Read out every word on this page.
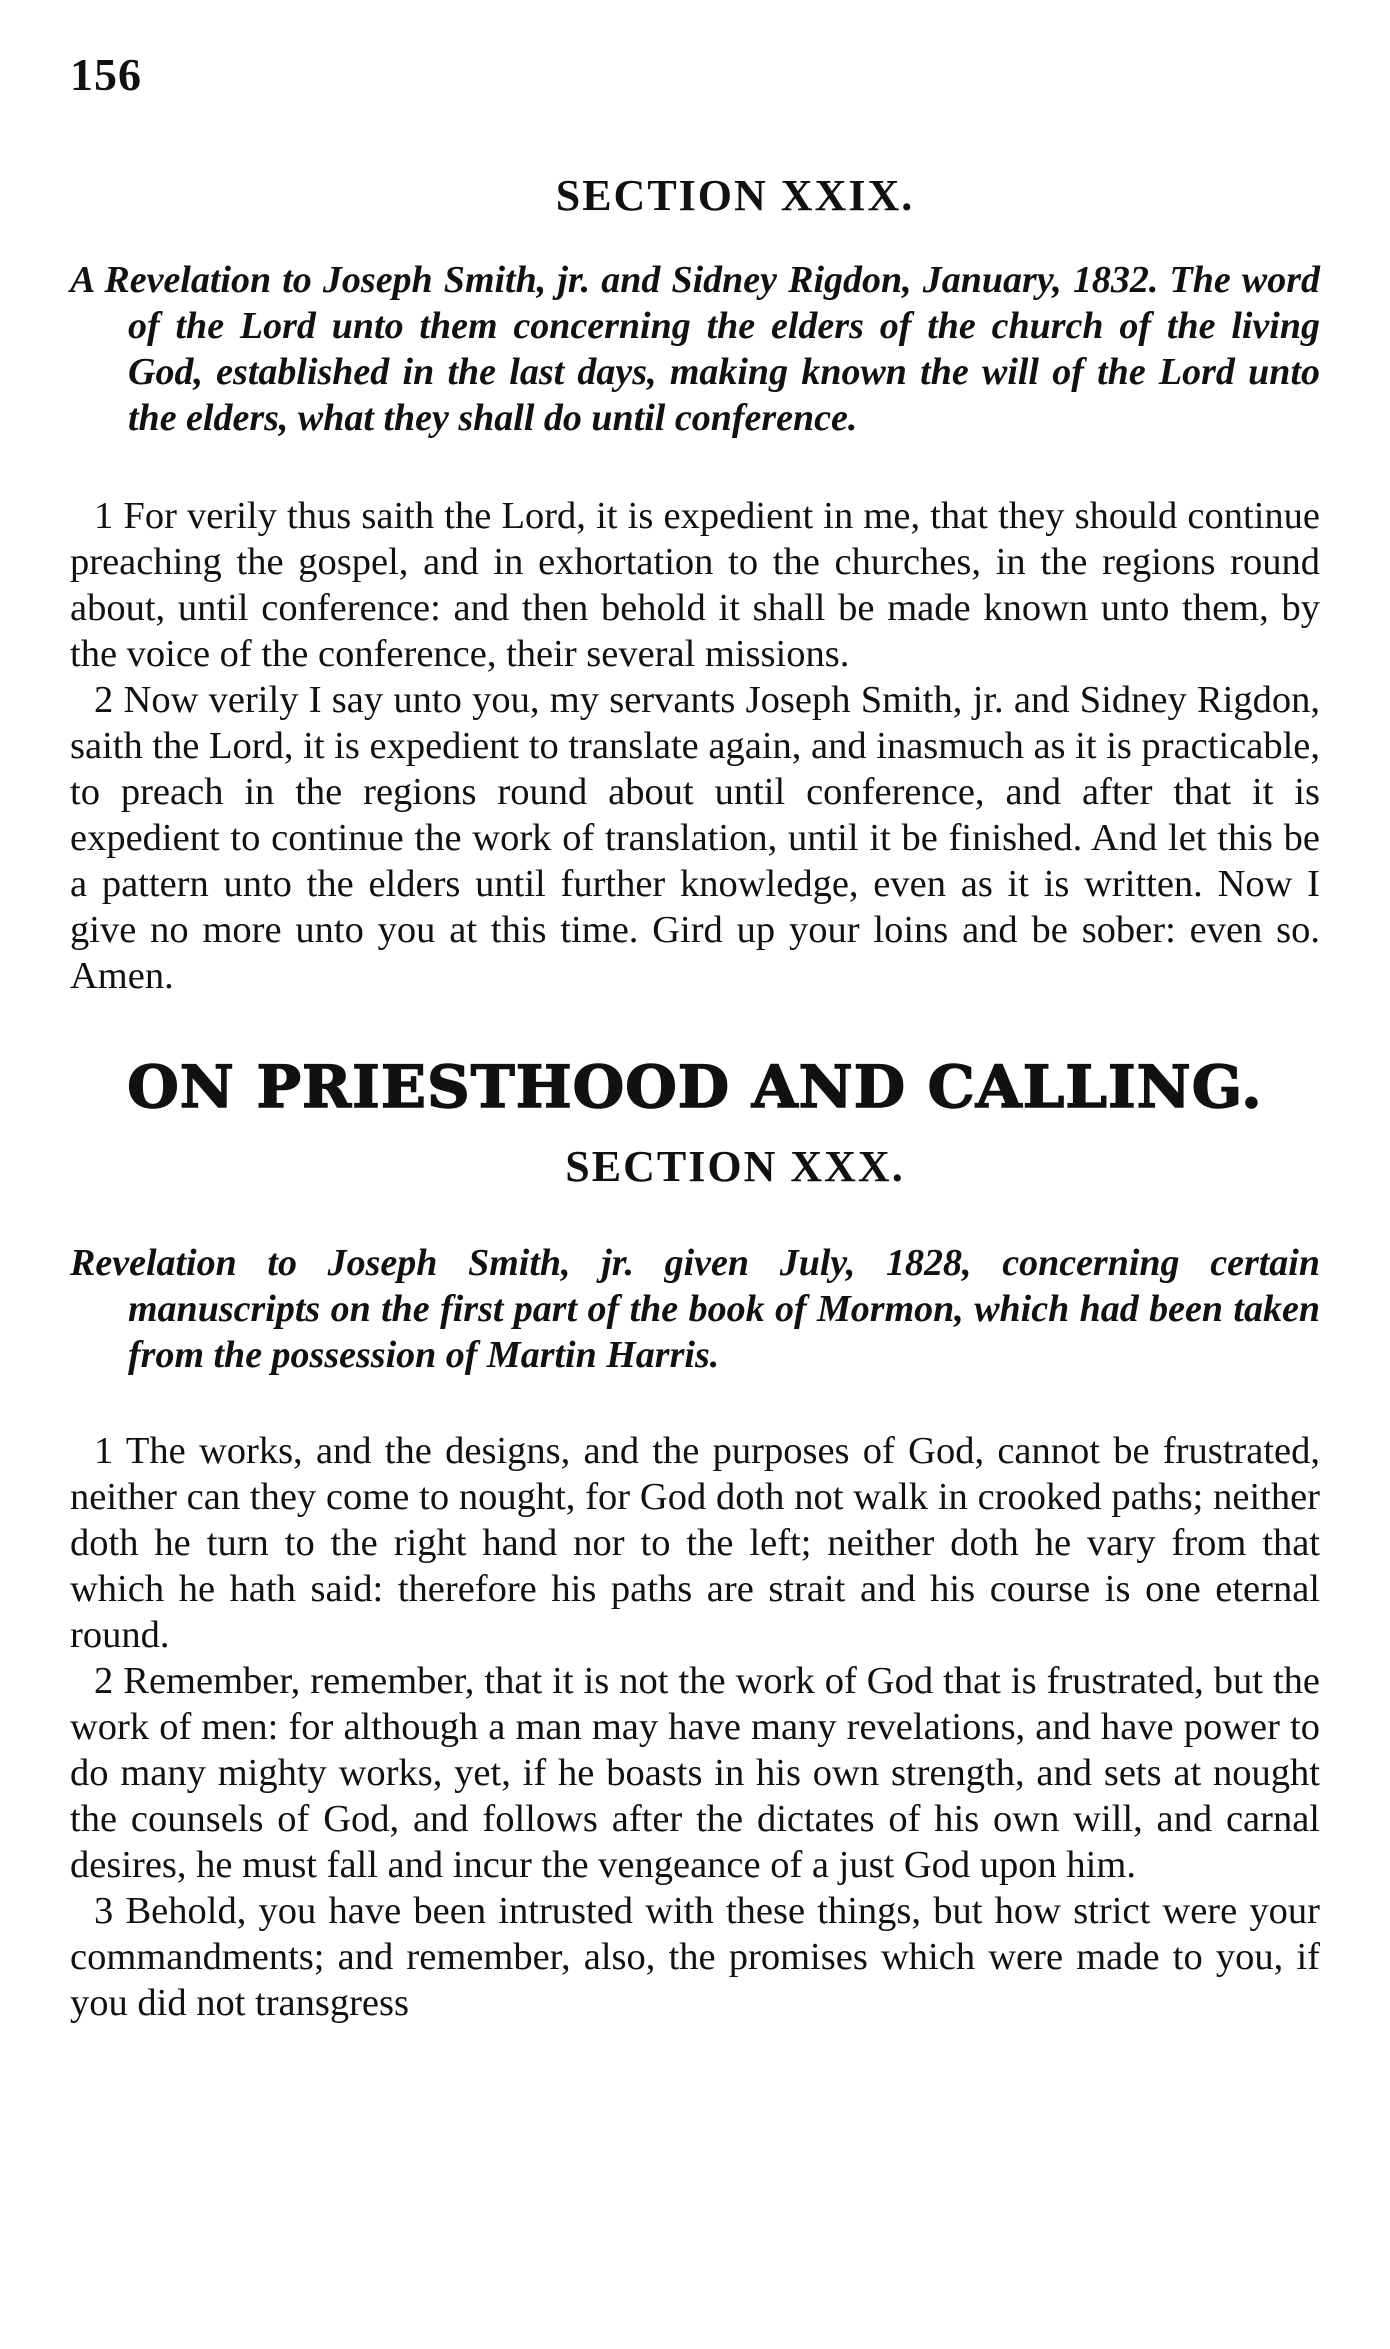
156
SECTION XXIX.

A Revelation to Joseph Smith, jr. and Sidney Rigdon, January, 1832. The word of the Lord unto them concerning the elders of the church of the living God, established in the last days, making known the will of the Lord unto the elders, what they shall do until conference.

1 For verily thus saith the Lord, it is expedient in me, that they should continue preaching the gospel, and in exhortation to the churches, in the regions round about, until conference: and then behold it shall be made known unto them, by the voice of the conference, their several missions.

2 Now verily I say unto you, my servants Joseph Smith, jr. and Sidney Rigdon, saith the Lord, it is expedient to translate again, and inasmuch as it is practicable, to preach in the regions round about until conference, and after that it is expedient to continue the work of translation, until it be finished. And let this be a pattern unto the elders until further knowledge, even as it is written. Now I give no more unto you at this time. Gird up your loins and be sober: even so. Amen.

ON PRIESTHOOD AND CALLING.
SECTION XXX.

Revelation to Joseph Smith, jr. given July, 1828, concerning certain manuscripts on the first part of the book of Mormon, which had been taken from the possession of Martin Harris.

1 The works, and the designs, and the purposes of God, cannot be frustrated, neither can they come to nought, for God doth not walk in crooked paths; neither doth he turn to the right hand nor to the left; neither doth he vary from that which he hath said: therefore his paths are strait and his course is one eternal round.

2 Remember, remember, that it is not the work of God that is frustrated, but the work of men: for although a man may have many revelations, and have power to do many mighty works, yet, if he boasts in his own strength, and sets at nought the counsels of God, and follows after the dictates of his own will, and carnal desires, he must fall and incur the vengeance of a just God upon him.

3 Behold, you have been intrusted with these things, but how strict were your commandments; and remember, also, the promises which were made to you, if you did not transgress
